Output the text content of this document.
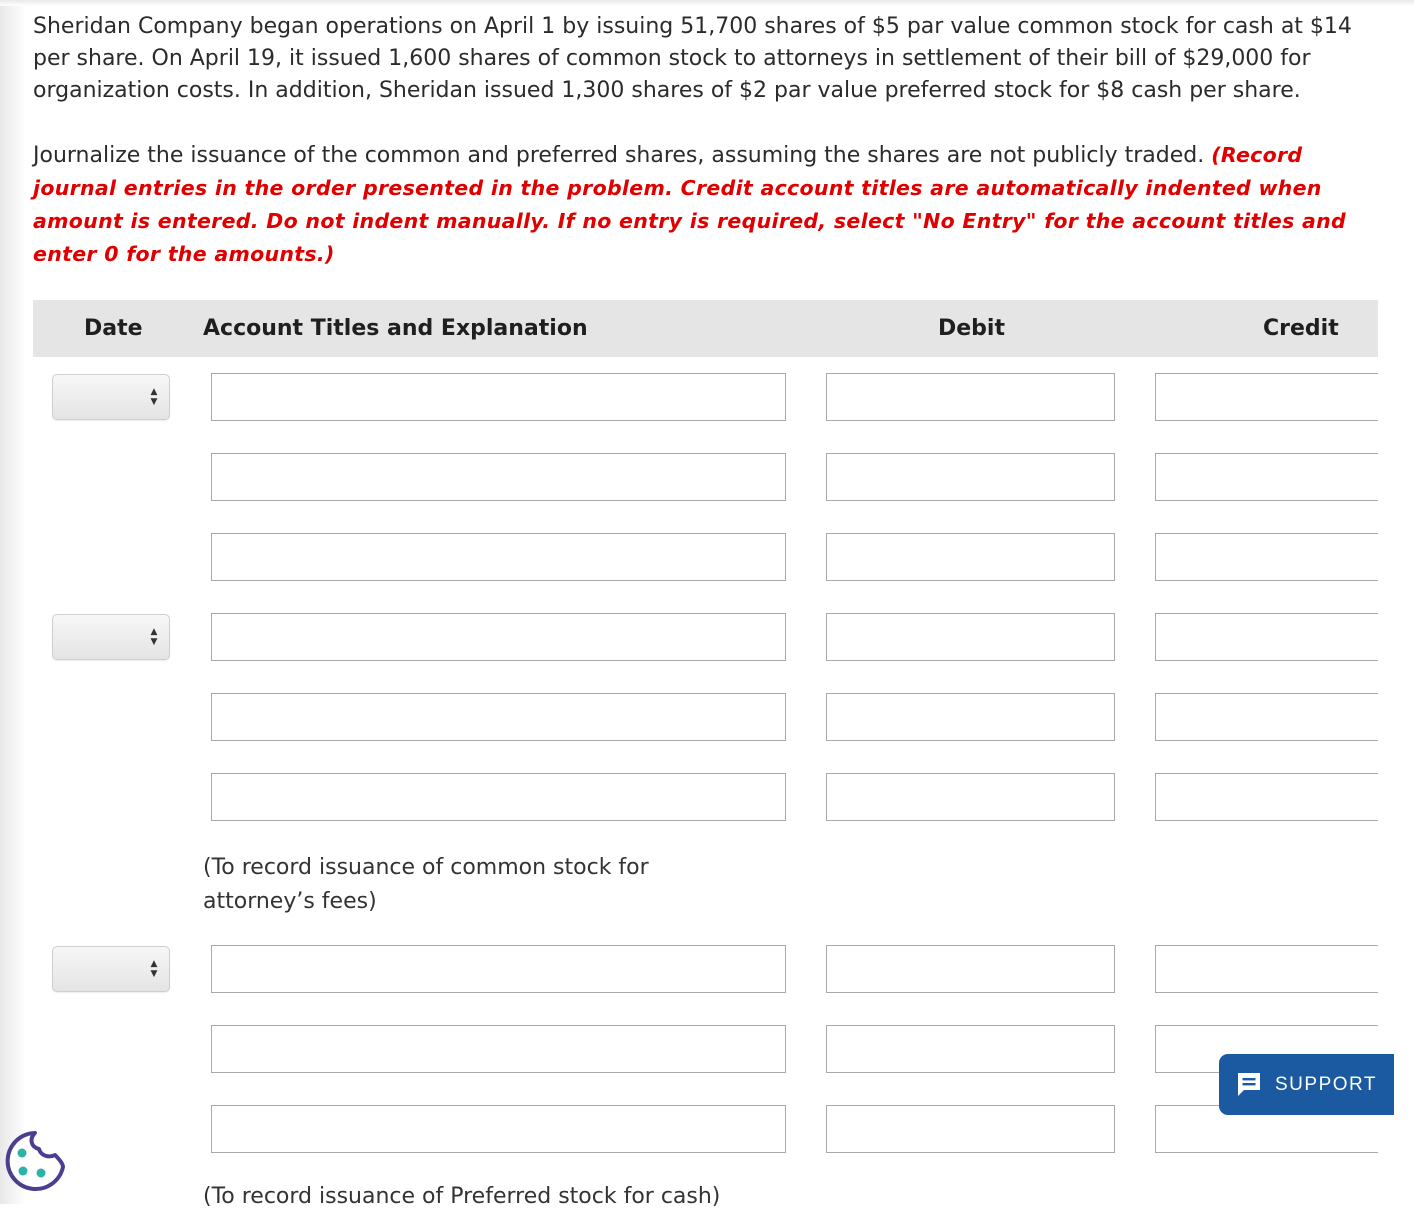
Sheridan Company began operations on April 1 by issuing 51,700 shares of $5 par value common stock for cash at $14 per share. On April 19, it issued 1,600 shares of common stock to attorneys in settlement of their bill of $29,000 for organization costs. In addition, Sheridan issued 1,300 shares of $2 par value preferred stock for $8 cash per share.

Journalize the issuance of the common and preferred shares, assuming the shares are not publicly traded. (Record journal entries in the order presented in the problem. Credit account titles are automatically indented when amount is entered. Do not indent manually. If no entry is required, select "No Entry" for the account titles and enter 0 for the amounts.)

Date	Account Titles and Explanation	Debit	Credit
▲
▼
▲
▼
(To record issuance of common stock for attorney’s fees)
▲
▼
(To record issuance of Preferred stock for cash)
SUPPORT
